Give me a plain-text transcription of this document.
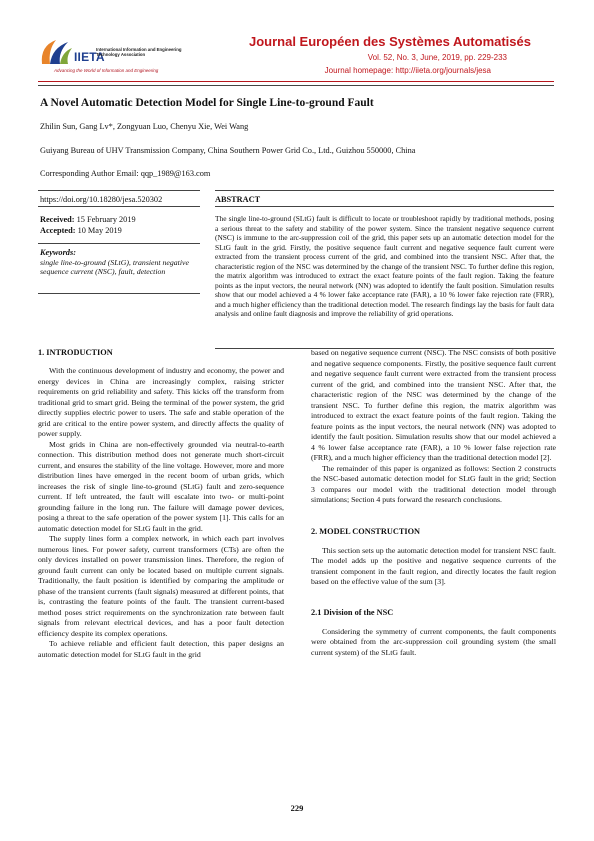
IIETA
International Information and Engineering Technology Association
Advancing the World of Information and Engineering
Journal Européen des Systèmes Automatisés
Vol. 52, No. 3, June, 2019, pp. 229-233
Journal homepage: http://iieta.org/journals/jesa
A Novel Automatic Detection Model for Single Line-to-ground Fault
Zhilin Sun, Gang Lv*, Zongyuan Luo, Chenyu Xie, Wei Wang
Guiyang Bureau of UHV Transmission Company, China Southern Power Grid Co., Ltd., Guizhou 550000, China
Corresponding Author Email: qqp_1989@163.com
https://doi.org/10.18280/jesa.520302	ABSTRACT
Received: 15 February 2019
Accepted: 10 May 2019
Keywords:
single line-to-ground (SLtG), transient negative sequence current (NSC), fault, detection
The single line-to-ground (SLtG) fault is difficult to locate or troubleshoot rapidly by traditional methods, posing a serious threat to the safety and stability of the power system. Since the transient negative sequence current (NSC) is immune to the arc-suppression coil of the grid, this paper sets up an automatic detection model for the SLtG fault in the grid. Firstly, the positive sequence fault current and negative sequence fault current were extracted from the transient process current of the grid, and combined into the transient NSC. After that, the characteristic region of the NSC was determined by the change of the transient NSC. To further define this region, the matrix algorithm was introduced to extract the exact feature points of the fault region. Taking the feature points as the input vectors, the neural network (NN) was adopted to identify the fault position. Simulation results show that our model achieved a 4 % lower fake acceptance rate (FAR), a 10 % lower fake rejection rate (FRR), and a much higher efficiency than the traditional detection model. The research findings lay the basis for fault data analysis and online fault diagnosis and improve the reliability of grid operations.
1. INTRODUCTION

With the continuous development of industry and economy, the power and energy devices in China are increasingly complex, raising stricter requirements on grid reliability and safety. This kicks off the transform from traditional grid to smart grid. Being the terminal of the power system, the grid directly supplies electric power to users. The safe and stable operation of the grid are critical to the entire power system, and directly affects the quality of power supply.

Most grids in China are non-effectively grounded via neutral-to-earth connection. This distribution method does not generate much short-circuit current, and ensures the stability of the line voltage. However, more and more distribution lines have emerged in the recent boom of urban grids, which increases the risk of single line-to-ground (SLtG) fault and zero-sequence current. If left untreated, the fault will escalate into two- or multi-point grounding failure in the long run. The failure will damage power devices, posing a threat to the safe operation of the power system [1]. This calls for an automatic detection model for SLtG fault in the grid.

The supply lines form a complex network, in which each part involves numerous lines. For power safety, current transformers (CTs) are often the only devices installed on power transmission lines. Therefore, the region of ground fault current can only be located based on multiple current signals. Traditionally, the fault position is identified by comparing the amplitude or phase of the transient currents (fault signals) measured at different points, that is, contrasting the feature points of the fault. The transient current-based method poses strict requirements on the synchronization rate between fault signals from relevant electrical devices, and has a poor fault detection efficiency despite its complex operations.

To achieve reliable and efficient fault detection, this paper designs an automatic detection model for SLtG fault in the grid

based on negative sequence current (NSC). The NSC consists of both positive and negative sequence components. Firstly, the positive sequence fault current and negative sequence fault current were extracted from the transient process current of the grid, and combined into the transient NSC. After that, the characteristic region of the NSC was determined by the change of the transient NSC. To further define this region, the matrix algorithm was introduced to extract the exact feature points of the fault region. Taking the feature points as the input vectors, the neural network (NN) was adopted to identify the fault position. Simulation results show that our model achieved a 4 % lower false acceptance rate (FAR), a 10 % lower false rejection rate (FRR), and a much higher efficiency than the traditional detection model [2].

The remainder of this paper is organized as follows: Section 2 constructs the NSC-based automatic detection model for SLtG fault in the grid; Section 3 compares our model with the traditional detection model through simulations; Section 4 puts forward the research conclusions.

2. MODEL CONSTRUCTION

This section sets up the automatic detection model for transient NSC fault. The model adds up the positive and negative sequence currents of the transient component in the fault region, and directly locates the fault region based on the effective value of the sum [3].

2.1 Division of the NSC

Considering the symmetry of current components, the fault components were obtained from the arc-suppression coil grounding system (the small current system) of the SLtG fault.

229
